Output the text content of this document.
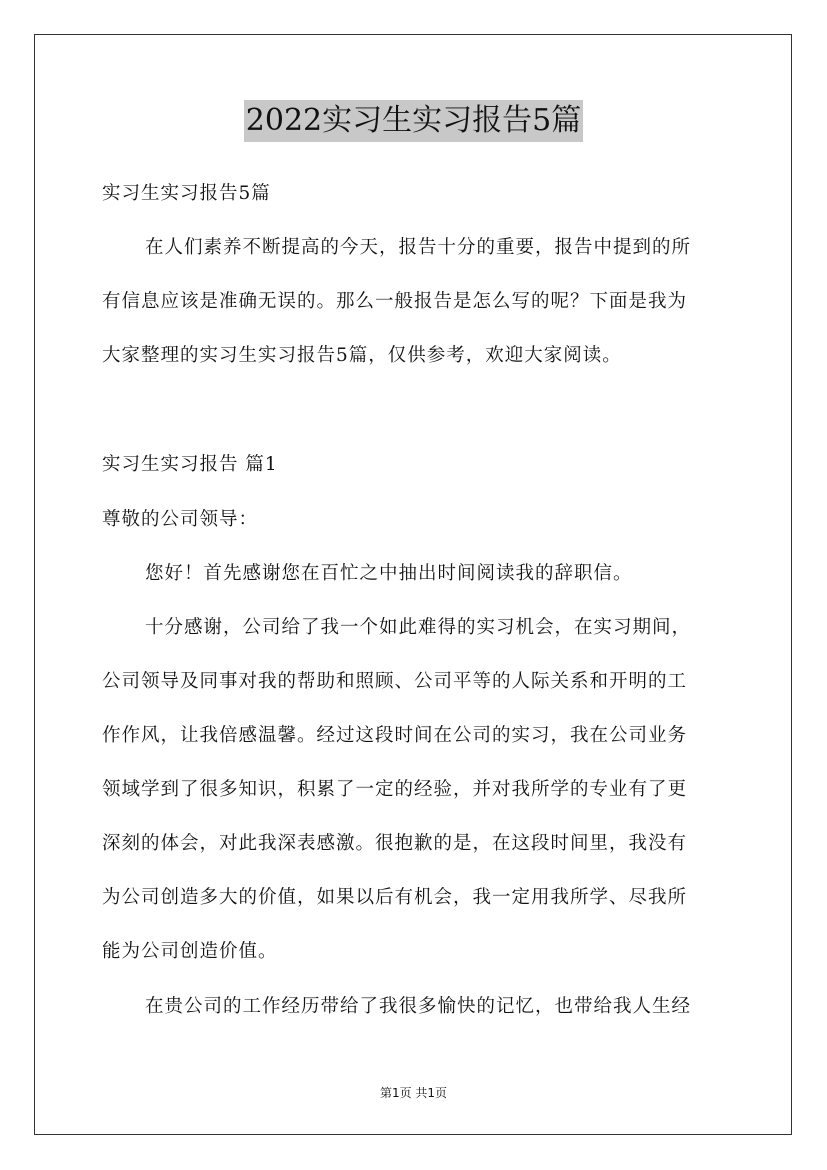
2022实习生实习报告5篇
实习生实习报告5篇
在人们素养不断提高的今天，报告十分的重要，报告中提到的所
有信息应该是准确无误的。那么一般报告是怎么写的呢？下面是我为
大家整理的实习生实习报告5篇，仅供参考，欢迎大家阅读。
实习生实习报告 篇1
尊敬的公司领导：
您好！首先感谢您在百忙之中抽出时间阅读我的辞职信。
十分感谢，公司给了我一个如此难得的实习机会，在实习期间，
公司领导及同事对我的帮助和照顾、公司平等的人际关系和开明的工
作作风，让我倍感温馨。经过这段时间在公司的实习，我在公司业务
领域学到了很多知识，积累了一定的经验，并对我所学的专业有了更
深刻的体会，对此我深表感激。很抱歉的是，在这段时间里，我没有
为公司创造多大的价值，如果以后有机会，我一定用我所学、尽我所
能为公司创造价值。
在贵公司的工作经历带给了我很多愉快的记忆，也带给我人生经
第1页 共1页
